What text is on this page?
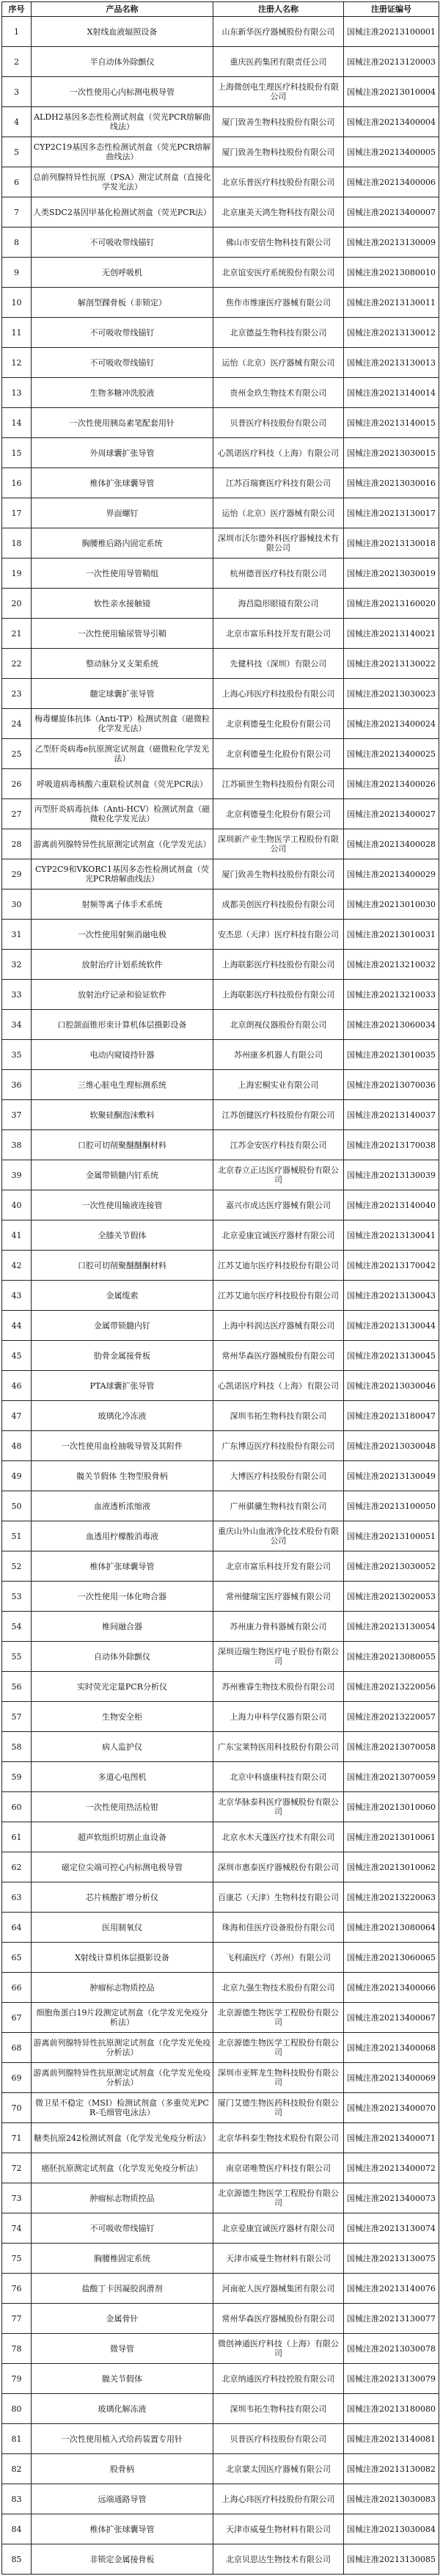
序号	产品名称	注册人名称	注册证编号
1	X射线血液辐照设备	山东新华医疗器械股份有限公司	国械注准20213100001
2	半自动体外除颤仪	重庆医药集团有限责任公司	国械注准20213120003
3	一次性使用心内标测电极导管	上海微创电生理医疗科技股份有限公司	国械注准20213010004
4	ALDH2基因多态性检测试剂盒（荧光PCR熔解曲线法）	厦门致善生物科技股份有限公司	国械注准20213400004
5	CYP2C19基因多态性检测试剂盒（荧光PCR熔解曲线法）	厦门致善生物科技股份有限公司	国械注准20213400005
6	总前列腺特异性抗原（PSA）测定试剂盒（直接化学发光法）	北京乐普医疗科技股份有限公司	国械注准20213400006
7	人类SDC2基因甲基化检测试剂盒（荧光PCR法）	北京康美天鸿生物科技有限公司	国械注准20213400007
8	不可吸收带线锚钉	佛山市安倍生物科技有限公司	国械注准20213130009
9	无创呼吸机	北京谊安医疗系统股份有限公司	国械注准20213080010
10	解剖型踝骨板（非锁定）	焦作市维康医疗器械有限公司	国械注准20213130011
11	不可吸收带线锚钉	北京德益生物科技有限公司	国械注准20213130012
12	不可吸收带线锚钉	运怡（北京）医疗器械有限公司	国械注准20213130013
13	生物多糖冲洗胶液	贵州金玖生物技术有限公司	国械注准20213140014
14	一次性使用胰岛素笔配套用针	贝普医疗科技股份有限公司	国械注准20213140015
15	外周球囊扩张导管	心凯诺医疗科技（上海）有限公司	国械注准20213030015
16	椎体扩张球囊导管	江苏百瑞赛医疗科技有限公司	国械注准20213030016
17	界面螺钉	运怡（北京）医疗器械有限公司	国械注准20213130017
18	胸腰椎后路内固定系统	深圳市沃尔德外科医疗器械技术有限公司	国械注准20213130018
19	一次性使用导管鞘组	杭州德晋医疗科技有限公司	国械注准20213030019
20	软性亲水接触镜	海昌隐形眼镜有限公司	国械注准20213160020
21	一次性使用输尿管导引鞘	北京市富乐科技开发有限公司	国械注准20213140021
22	整动脉分叉支架系统	先健科技（深圳）有限公司	国械注准20213130022
23	髓定球囊扩张导管	上海心玮医疗科技股份有限公司	国械注准20213030023
24	梅毒螺旋体抗体（Anti-TP）检测试剂盒（磁微粒化学发光法）	北京利德曼生化股份有限公司	国械注准20213400024
25	乙型肝炎病毒e抗原测定试剂盒（磁微粒化学发光法）	北京利德曼生化股份有限公司	国械注准20213400025
26	呼吸道病毒核酸六重联检试剂盒（荧光PCR法）	江苏硕世生物科技股份有限公司	国械注准20213400026
27	丙型肝炎病毒抗体（Anti-HCV）检测试剂盒（磁微粒化学发光法）	北京利德曼生化股份有限公司	国械注准20213400027
28	游离前列腺特异性抗原测定试剂盒（化学发光法）	深圳新产业生物医学工程股份有限公司	国械注准20213400028
29	CYP2C9和VKORC1基因多态性检测试剂盒（荧光PCR熔解曲线法）	厦门致善生物科技股份有限公司	国械注准20213400029
30	射频等离子体手术系统	成都美创医疗科技股份有限公司	国械注准20213010030
31	一次性使用射频消融电极	安杰思（天津）医疗科技有限公司	国械注准20213010031
32	放射治疗计划系统软件	上海联影医疗科技股份有限公司	国械注准20213210032
33	放射治疗记录和验证软件	上海联影医疗科技股份有限公司	国械注准20213210033
34	口腔颌面锥形束计算机体层摄影设备	北京朗视仪器股份有限公司	国械注准20213060034
35	电动内窥镜持针器	苏州康多机器人有限公司	国械注准20213010035
36	三维心脏电生理标测系统	上海宏桐实业有限公司	国械注准20213070036
37	软聚硅酮泡沫敷料	江苏创健医疗科技股份有限公司	国械注准20213140037
38	口腔可切削聚醚醚酮材料	江苏金安医疗科技有限公司	国械注准20213170038
39	金属带锁髓内钉系统	北京春立正达医疗器械股份有限公司	国械注准20213130039
40	一次性使用输液连接管	嘉兴市成达医疗器械有限公司	国械注准20213140040
41	全膝关节假体	北京爱康宜诚医疗器材有限公司	国械注准20213130041
42	口腔可切削聚醚醚酮材料	江苏艾迪尔医疗科技股份有限公司	国械注准20213170042
43	金属缆索	江苏艾迪尔医疗科技股份有限公司	国械注准20213130043
44	金属带锁髓内钉	上海中科润达医疗器械有限公司	国械注准20213130044
45	肋骨金属接骨板	常州华森医疗器械股份有限公司	国械注准20213130045
46	PTA球囊扩张导管	心凯诺医疗科技（上海）有限公司	国械注准20213030046
47	玻璃化冷冻液	深圳韦拓生物科技有限公司	国械注准20213180047
48	一次性使用血栓抽吸导管及其附件	广东博迈医疗科技股份有限公司	国械注准20213030048
49	髋关节假体 生物型股骨柄	大博医疗科技股份有限公司	国械注准20213130049
50	血液透析浓缩液	广州骐骥生物科技有限公司	国械注准20213100050
51	血透用柠檬酸消毒液	重庆山外山血液净化技术股份有限公司	国械注准20213100051
52	椎体扩张球囊导管	北京市富乐科技开发有限公司	国械注准20213030052
53	一次性使用一体化吻合器	常州健瑞宝医疗器械有限公司	国械注准20213020053
54	椎间融合器	苏州康力骨科器械有限公司	国械注准20213130054
55	自动体外除颤仪	深圳迈瑞生物医疗电子股份有限公司	国械注准20213080055
56	实时荧光定量PCR分析仪	苏州雅睿生物技术股份有限公司	国械注准20213220056
57	生物安全柜	上海力申科学仪器有限公司	国械注准20213220057
58	病人监护仪	广东宝莱特医用科技股份有限公司	国械注准20213070058
59	多道心电图机	北京中科盛康科技有限公司	国械注准20213070059
60	一次性使用热活检钳	北京华脉泰科医疗器械股份有限公司	国械注准20213010060
61	超声软组织切割止血设备	北京水木天蓬医疗技术有限公司	国械注准20213010061
62	磁定位尖端可控心内标测电极导管	深圳市惠泰医疗器械股份有限公司	国械注准20213010062
63	芯片核酸扩增分析仪	百康芯（天津）生物科技有限公司	国械注准20213220063
64	医用制氧仪	珠海和佳医疗设备股份有限公司	国械注准20213080064
65	X射线计算机体层摄影设备	飞利浦医疗（苏州）有限公司	国械注准20213060065
66	肿瘤标志物质控品	北京九强生物技术股份有限公司	国械注准20213400066
67	细胞角蛋白19片段测定试剂盒（化学发光免疫分析法）	北京源德生物医学工程股份有限公司	国械注准20213400067
68	游离前列腺特异性抗原测定试剂盒（化学发光免疫分析法）	北京源德生物医学工程股份有限公司	国械注准20213400068
69	游离前列腺特异性抗原测定试剂盒（化学发光免疫分析法）	深圳市亚辉龙生物科技股份有限公司	国械注准20213400069
70	微卫星不稳定（MSI）检测试剂盒（多重荧光PCR-毛细管电泳法）	厦门艾德生物医药科技股份有限公司	国械注准20213400070
71	糖类抗原242检测试剂盒（化学发光免疫分析法）	北京华科泰生物技术股份有限公司	国械注准20213400071
72	癌胚抗原测定试剂盒（化学发光免疫分析法）	南京诺唯赞医疗科技有限公司	国械注准20213400072
73	肿瘤标志物质控品	北京源德生物医学工程股份有限公司	国械注准20213400073
74	不可吸收带线锚钉	北京爱康宜诚医疗器材有限公司	国械注准20213130074
75	胸腰椎固定系统	天津市威曼生物材料有限公司	国械注准20213130075
76	盐酸丁卡因凝胶润滑剂	河南驼人医疗器械集团有限公司	国械注准20213140076
77	金属骨针	常州华森医疗器械股份有限公司	国械注准20213130077
78	微导管	微创神通医疗科技（上海）有限公司	国械注准20213030078
79	髋关节假体	北京纳通医疗科技控股有限公司	国械注准20213130079
80	玻璃化解冻液	深圳韦拓生物科技有限公司	国械注准20213180080
81	一次性使用植入式给药装置专用针	贝普医疗科技股份有限公司	国械注准20213140081
82	股骨柄	北京蒙太因医疗器械有限公司	国械注准20213130082
83	远端通路导管	上海心玮医疗科技股份有限公司	国械注准20213030083
84	椎体扩张球囊导管	天津市威曼生物材料有限公司	国械注准20213030084
85	非锁定金属接骨板	北京贝思达生物技术有限公司	国械注准20213130085
